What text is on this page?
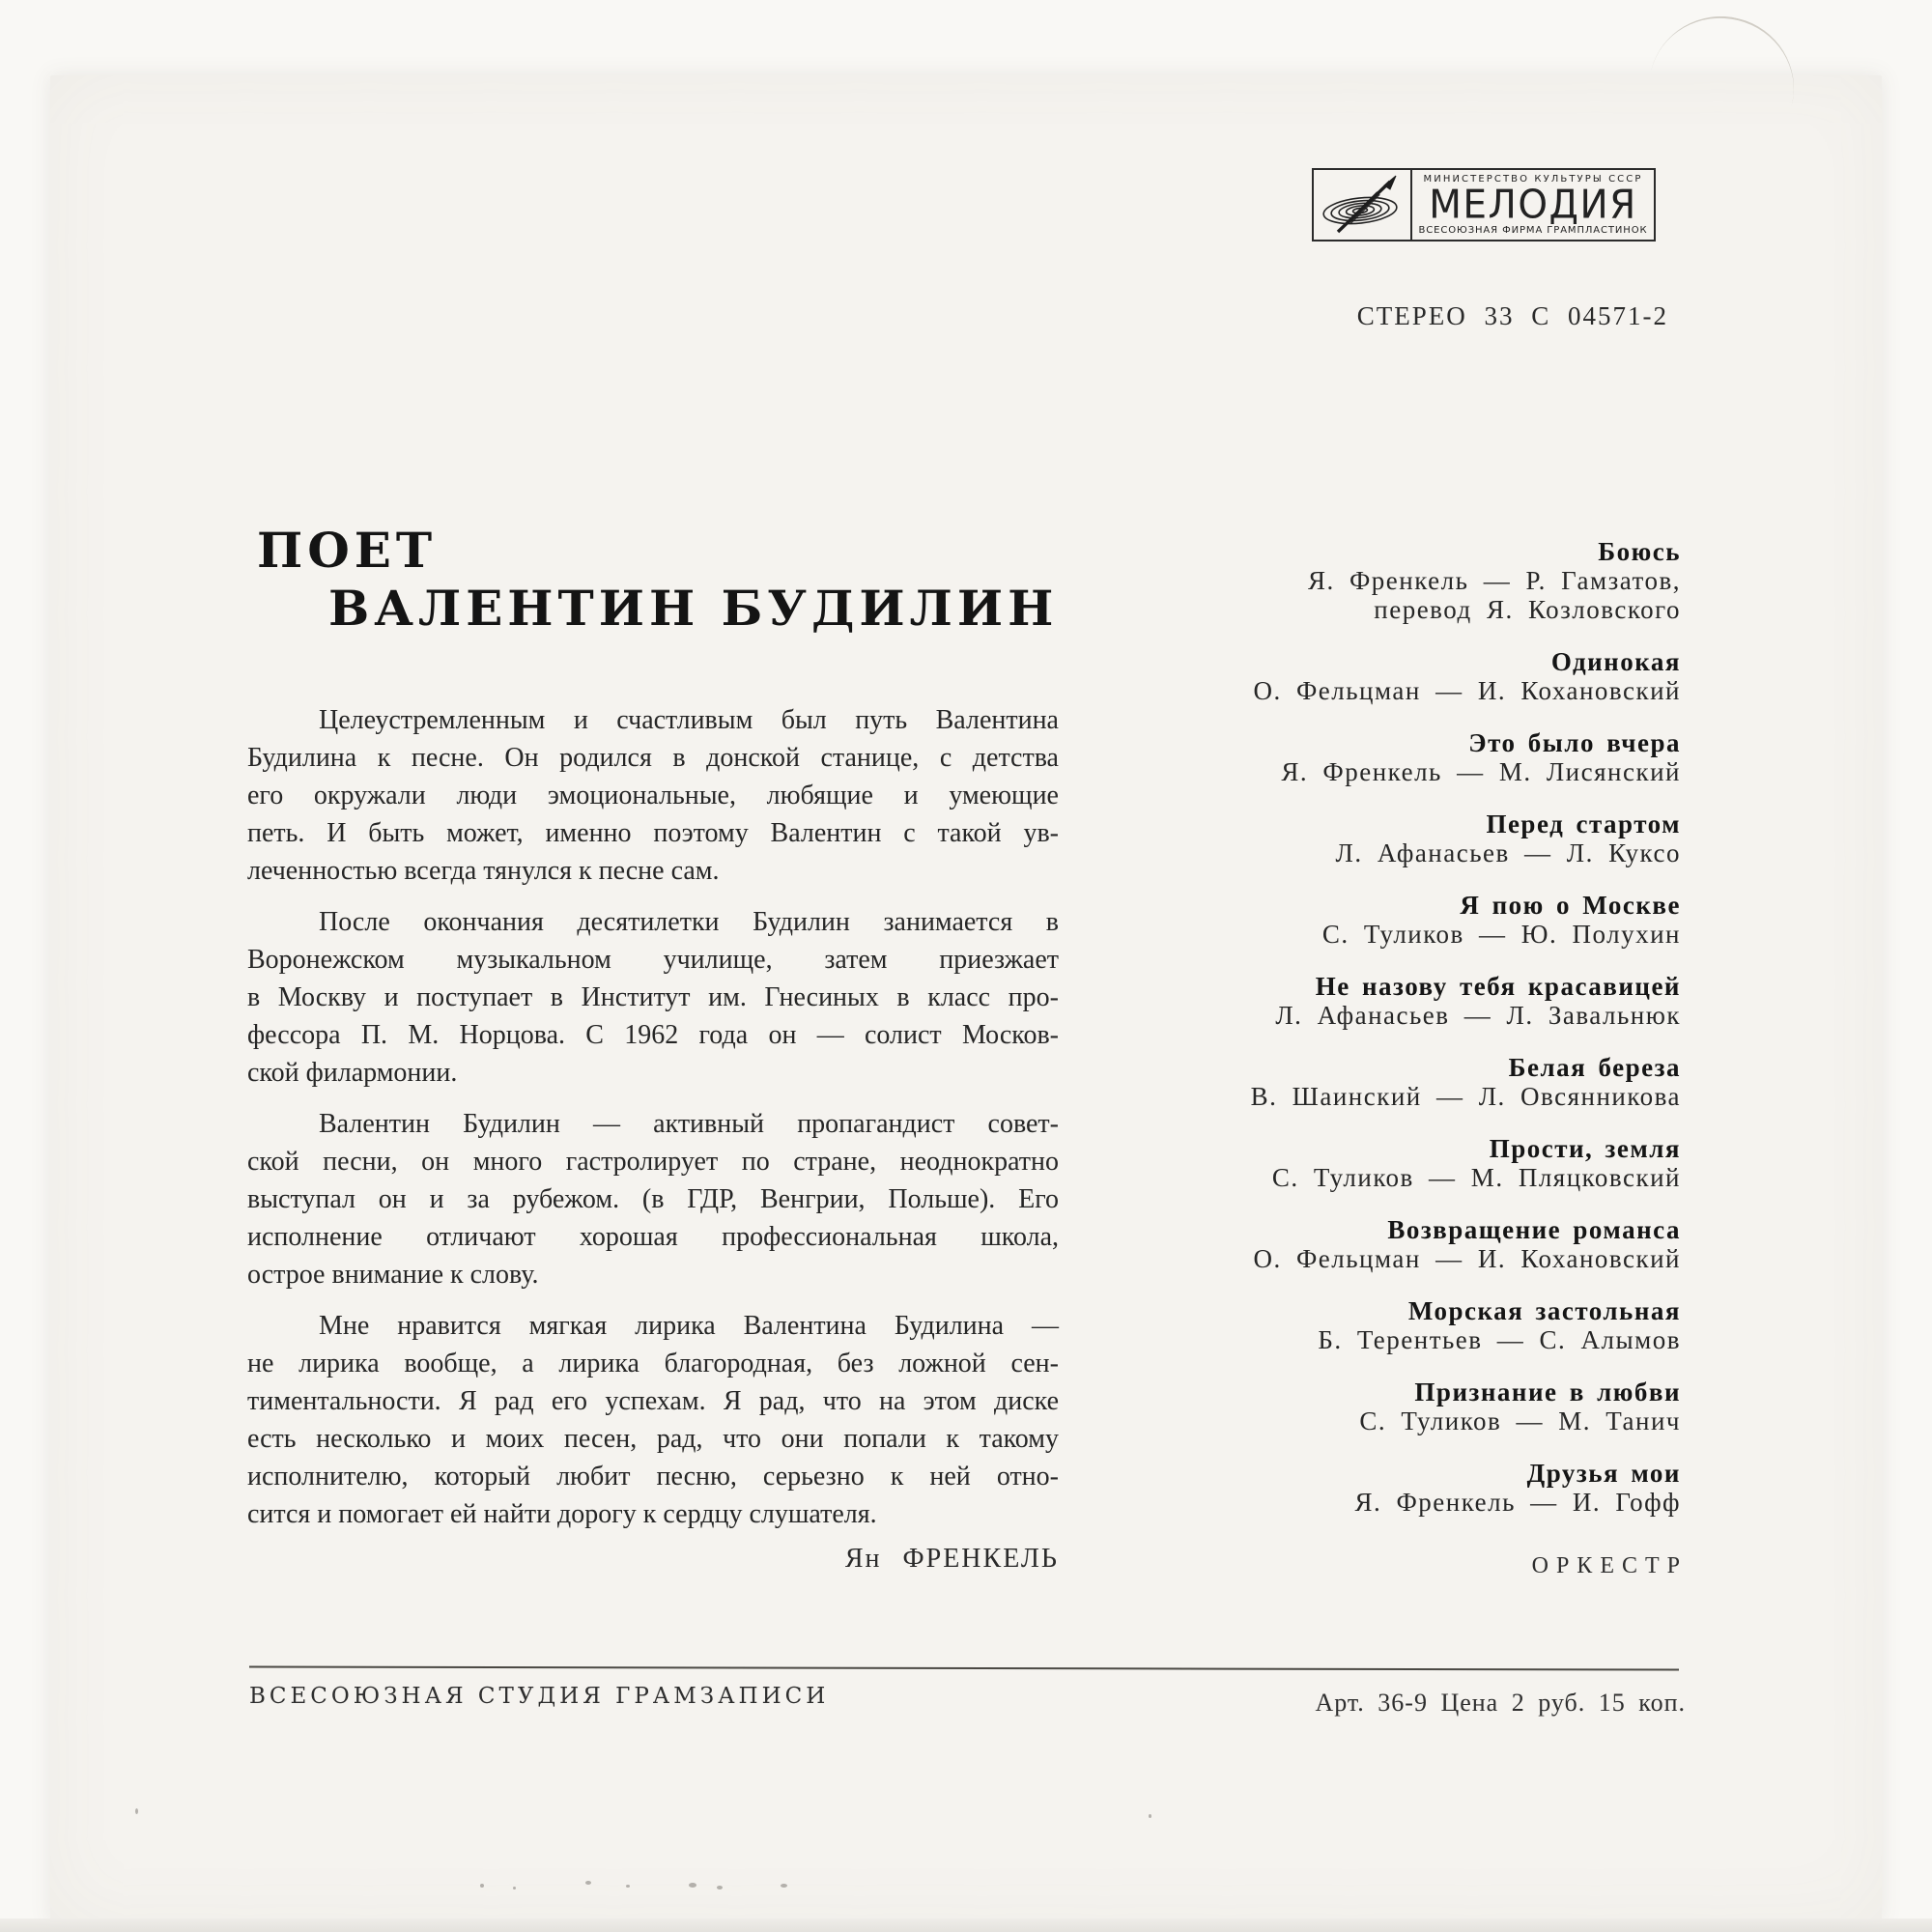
МИНИСТЕРСТВО КУЛЬТУРЫ СССР
МЕЛОДИЯ
ВСЕСОЮЗНАЯ ФИРМА ГРАМПЛАСТИНОК
СТЕРЕО 33 С 04571-2
ПОЕТ
ВАЛЕНТИН БУДИЛИН
Целеустремленным и счастливым был путь Валентина
Будилина к песне. Он родился в донской станице, с детства
его окружали люди эмоциональные, любящие и умеющие
петь. И быть может, именно поэтому Валентин с такой ув-
леченностью всегда тянулся к песне сам.
После окончания десятилетки Будилин занимается в
Воронежском музыкальном училище, затем приезжает
в Москву и поступает в Институт им. Гнесиных в класс про-
фессора П. М. Норцова. С 1962 года он — солист Москов-
ской филармонии.
Валентин Будилин — активный пропагандист совет-
ской песни, он много гастролирует по стране, неоднократно
выступал он и за рубежом. (в ГДР, Венгрии, Польше). Его
исполнение отличают хорошая профессиональная школа,
острое внимание к слову.
Мне нравится мягкая лирика Валентина Будилина —
не лирика вообще, а лирика благородная, без ложной сен-
тиментальности. Я рад его успехам. Я рад, что на этом диске
есть несколько и моих песен, рад, что они попали к такому
исполнителю, который любит песню, серьезно к ней отно-
сится и помогает ей найти дорогу к сердцу слушателя.
Ян ФРЕНКЕЛЬ
Боюсь
Я. Френкель — Р. Гамзатов,
перевод Я. Козловского
Одинокая
О. Фельцман — И. Кохановский
Это было вчера
Я. Френкель — М. Лисянский
Перед стартом
Л. Афанасьев — Л. Куксо
Я пою о Москве
С. Туликов — Ю. Полухин
Не назову тебя красавицей
Л. Афанасьев — Л. Завальнюк
Белая береза
В. Шаинский — Л. Овсянникова
Прости, земля
С. Туликов — М. Пляцковский
Возвращение романса
О. Фельцман — И. Кохановский
Морская застольная
Б. Терентьев — С. Алымов
Признание в любви
С. Туликов — М. Танич
Друзья мои
Я. Френкель — И. Гофф
ОРКЕСТР
ВСЕСОЮЗНАЯ СТУДИЯ ГРАМЗАПИСИ	Арт. 36-9 Цена 2 руб. 15 коп.
